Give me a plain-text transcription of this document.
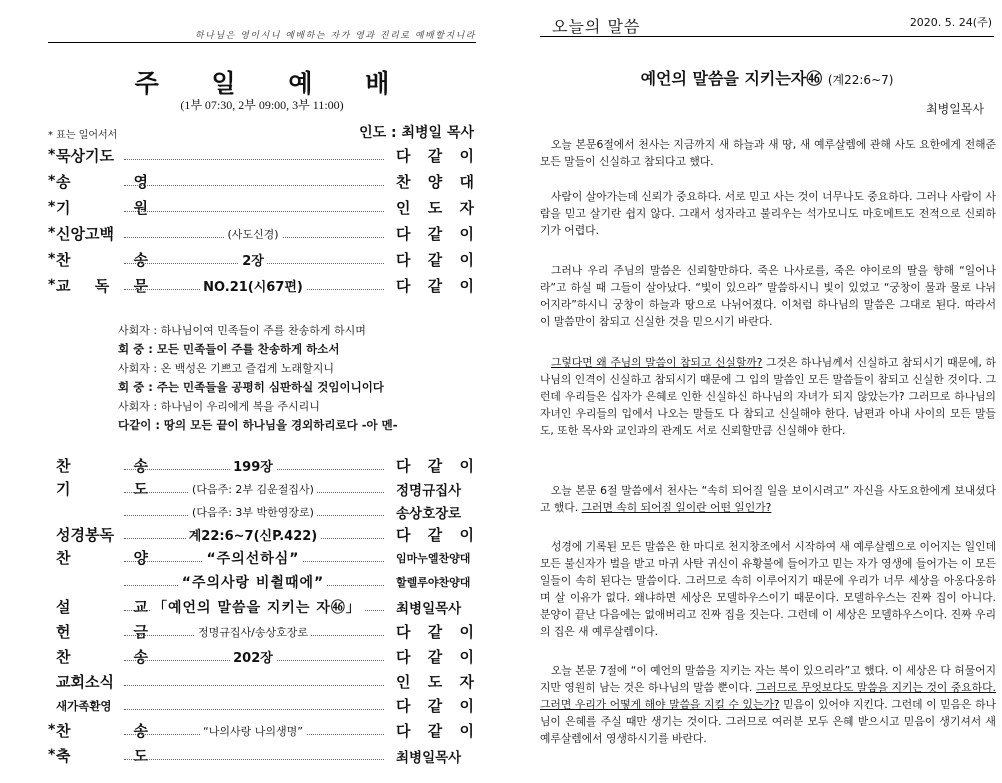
하나님은 영이시니 예배하는 자가 영과 진리로 예배할지니라
주 일 예 배
(1부 07:30, 2부 09:00, 3부 11:00)
* 표는 일어서서	인도 : 최병일 목사
* 묵상기도	다 같 이
* 송 영	찬 양 대
* 기 원	인 도 자
* 신앙고백	(사도신경)	다 같 이
* 찬 송	2장	다 같 이
* 교 독 문	NO.21(시67편)	다 같 이
사회자 : 하나님이여 민족들이 주를 찬송하게 하시며
회 중 : 모든 민족들이 주를 찬송하게 하소서
사회자 : 온 백성은 기쁘고 즐겁게 노래할지니
회 중 : 주는 민족들을 공평히 심판하실 것임이니이다
사회자 : 하나님이 우리에게 복을 주시리니
다같이 : 땅의 모든 끝이 하나님을 경외하리로다 -아 멘-
찬 송	199장	다 같 이
기 도	(다음주: 2부 김운절집사)	정명규집사
(다음주: 3부 박한영장로)	송상호장로
성경봉독	계22:6~7(신P.422)	다 같 이
찬 양	“주의선하심”	임마누엘찬양대
“주의사랑 비췰때에”	할렐루야찬양대
설 교 「예언의 말씀을 지키는 자㊻」	최병일목사
헌 금	정명규집사/송상호장로	다 같 이
찬 송	202장	다 같 이
교회소식	인 도 자
새가족환영	다 같 이
* 찬 송	“나의사랑 나의생명”	다 같 이
* 축 도	최병일목사
오늘의 말씀	2020. 5. 24(주)
예언의 말씀을 지키는자㊻ (계22:6~7)
최병일목사

오늘 본문6절에서 천사는 지금까지 새 하늘과 새 땅, 새 예루살렘에 관해 사도 요한에게 전해준 모든 말들이 신실하고 참되다고 했다.

사람이 살아가는데 신뢰가 중요하다. 서로 믿고 사는 것이 너무나도 중요하다. 그러나 사람이 사람을 믿고 살기란 쉽지 않다. 그래서 성자라고 불리우는 석가모니도 마호메트도 전적으로 신뢰하기가 어렵다.

그러나 우리 주님의 말씀은 신뢰할만하다. 죽은 나사로를, 죽은 야이로의 딸을 향해 “일어나라”고 하실 때 그들이 살아났다. “빛이 있으라” 말씀하시니 빛이 있었고 “궁창이 물과 물로 나뉘어지라”하시니 궁창이 하늘과 땅으로 나뉘어졌다. 이처럼 하나님의 말씀은 그대로 된다. 따라서 이 말씀만이 참되고 신실한 것을 믿으시기 바란다.

그렇다면 왜 주님의 말씀이 참되고 신실할까? 그것은 하나님께서 신실하고 참되시기 때문에, 하나님의 인격이 신실하고 참되시기 때문에 그 입의 말씀인 모든 말씀들이 참되고 신실한 것이다. 그런데 우리들은 십자가 은혜로 인한 신실하신 하나님의 자녀가 되지 않았는가? 그러므로 하나님의 자녀인 우리들의 입에서 나오는 말들도 다 참되고 신실해야 한다. 남편과 아내 사이의 모든 말들도, 또한 목사와 교인과의 관계도 서로 신뢰할만큼 신실해야 한다.

오늘 본문 6절 말씀에서 천사는 “속히 되어질 일을 보이시려고” 자신을 사도요한에게 보내셨다고 했다. 그러면 속히 되어질 일이란 어떤 일인가?

성경에 기록된 모든 말씀은 한 마디로 천지창조에서 시작하여 새 예루살렘으로 이어지는 일인데 모든 불신자가 벌을 받고 마귀 사탄 귀신이 유황불에 들어가고 믿는 자가 영생에 들어가는 이 모든 일들이 속히 된다는 말씀이다. 그러므로 속히 이루어지기 때문에 우리가 너무 세상을 아옹다옹하며 살 이유가 없다. 왜냐하면 세상은 모델하우스이기 때문이다. 모델하우스는 진짜 집이 아니다. 분양이 끝난 다음에는 없애버리고 진짜 집을 짓는다. 그런데 이 세상은 모델하우스이다. 진짜 우리의 집은 새 예루살렘이다.

오늘 본문 7절에 “이 예언의 말씀을 지키는 자는 복이 있으리라”고 했다. 이 세상은 다 허물어지지만 영원히 남는 것은 하나님의 말씀 뿐이다. 그러므로 무엇보다도 말씀을 지키는 것이 중요하다. 그러면 우리가 어떻게 해야 말씀을 지킬 수 있는가? 믿음이 있어야 지킨다. 그런데 이 믿음은 하나님이 은혜를 주실 때만 생기는 것이다. 그러므로 여러분 모두 은혜 받으시고 믿음이 생기셔서 새 예루살렘에서 영생하시기를 바란다.
